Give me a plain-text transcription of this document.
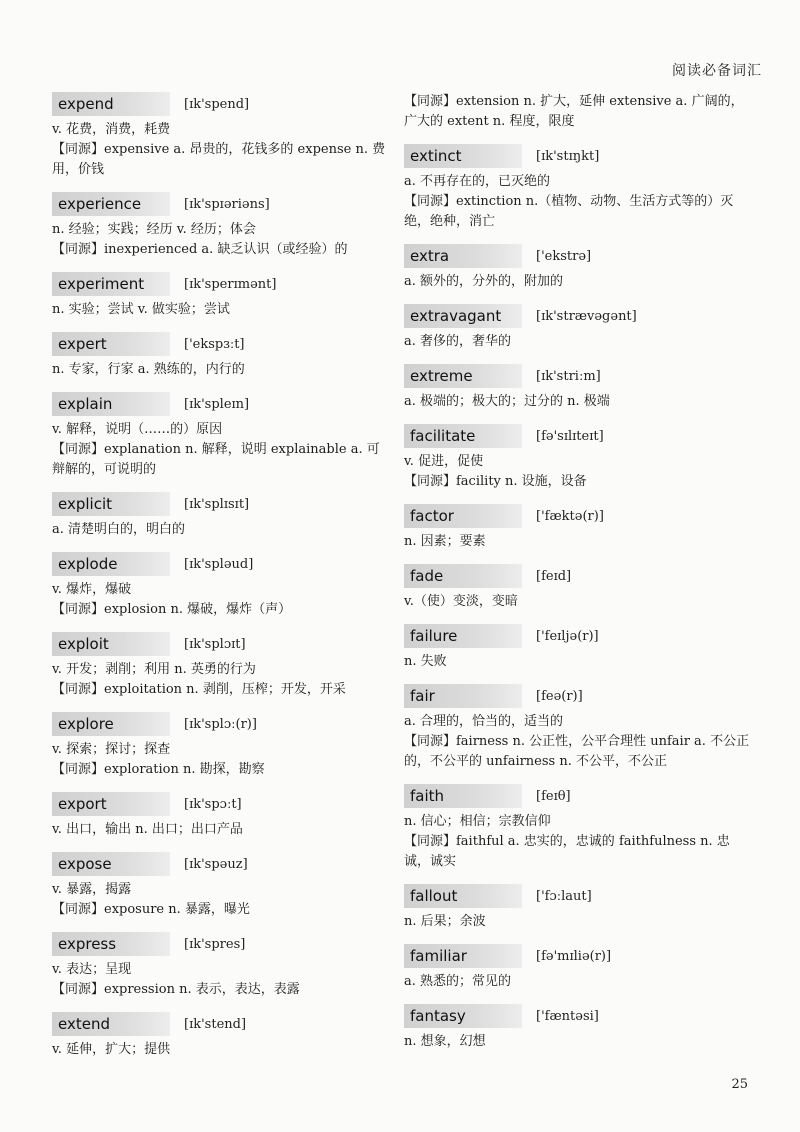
阅读必备词汇
expend	[ɪk'spend]
v. 花费，消费，耗费
【同源】expensive a. 昂贵的，花钱多的 expense n. 费用，价钱
experience	[ɪk'spɪəriəns]
n. 经验；实践；经历 v. 经历；体会
【同源】inexperienced a. 缺乏认识（或经验）的
experiment	[ɪk'sperɪmənt]
n. 实验；尝试 v. 做实验；尝试
expert	['ekspɜːt]
n. 专家，行家 a. 熟练的，内行的
explain	[ɪk'spleɪn]
v. 解释，说明（……的）原因
【同源】explanation n. 解释，说明 explainable a. 可辩解的，可说明的
explicit	[ɪk'splɪsɪt]
a. 清楚明白的，明白的
explode	[ɪk'spləud]
v. 爆炸，爆破
【同源】explosion n. 爆破，爆炸（声）
exploit	[ɪk'splɔɪt]
v. 开发；剥削；利用 n. 英勇的行为
【同源】exploitation n. 剥削，压榨；开发，开采
explore	[ɪk'splɔː(r)]
v. 探索；探讨；探查
【同源】exploration n. 勘探，勘察
export	[ɪk'spɔːt]
v. 出口，输出 n. 出口；出口产品
expose	[ɪk'spəuz]
v. 暴露，揭露
【同源】exposure n. 暴露，曝光
express	[ɪk'spres]
v. 表达；呈现
【同源】expression n. 表示，表达，表露
extend	[ɪk'stend]
v. 延伸，扩大；提供
【同源】extension n. 扩大，延伸 extensive a. 广阔的，
广大的 extent n. 程度，限度
extinct	[ɪk'stɪŋkt]
a. 不再存在的，已灭绝的
【同源】extinction n.（植物、动物、生活方式等的）灭绝，绝种，消亡
extra	['ekstrə]
a. 额外的，分外的，附加的
extravagant	[ɪk'strævəgənt]
a. 奢侈的，奢华的
extreme	[ɪk'striːm]
a. 极端的；极大的；过分的 n. 极端
facilitate	[fə'sɪlɪteɪt]
v. 促进，促使
【同源】facility n. 设施，设备
factor	['fæktə(r)]
n. 因素；要素
fade	[feɪd]
v.（使）变淡，变暗
failure	['feɪljə(r)]
n. 失败
fair	[feə(r)]
a. 合理的，恰当的，适当的
【同源】fairness n. 公正性，公平合理性 unfair a. 不公正的，不公平的 unfairness n. 不公平，不公正
faith	[feɪθ]
n. 信心；相信；宗教信仰
【同源】faithful a. 忠实的，忠诚的 faithfulness n. 忠诚，诚实
fallout	['fɔːlaut]
n. 后果；余波
familiar	[fə'mɪliə(r)]
a. 熟悉的；常见的
fantasy	['fæntəsi]
n. 想象，幻想
25
